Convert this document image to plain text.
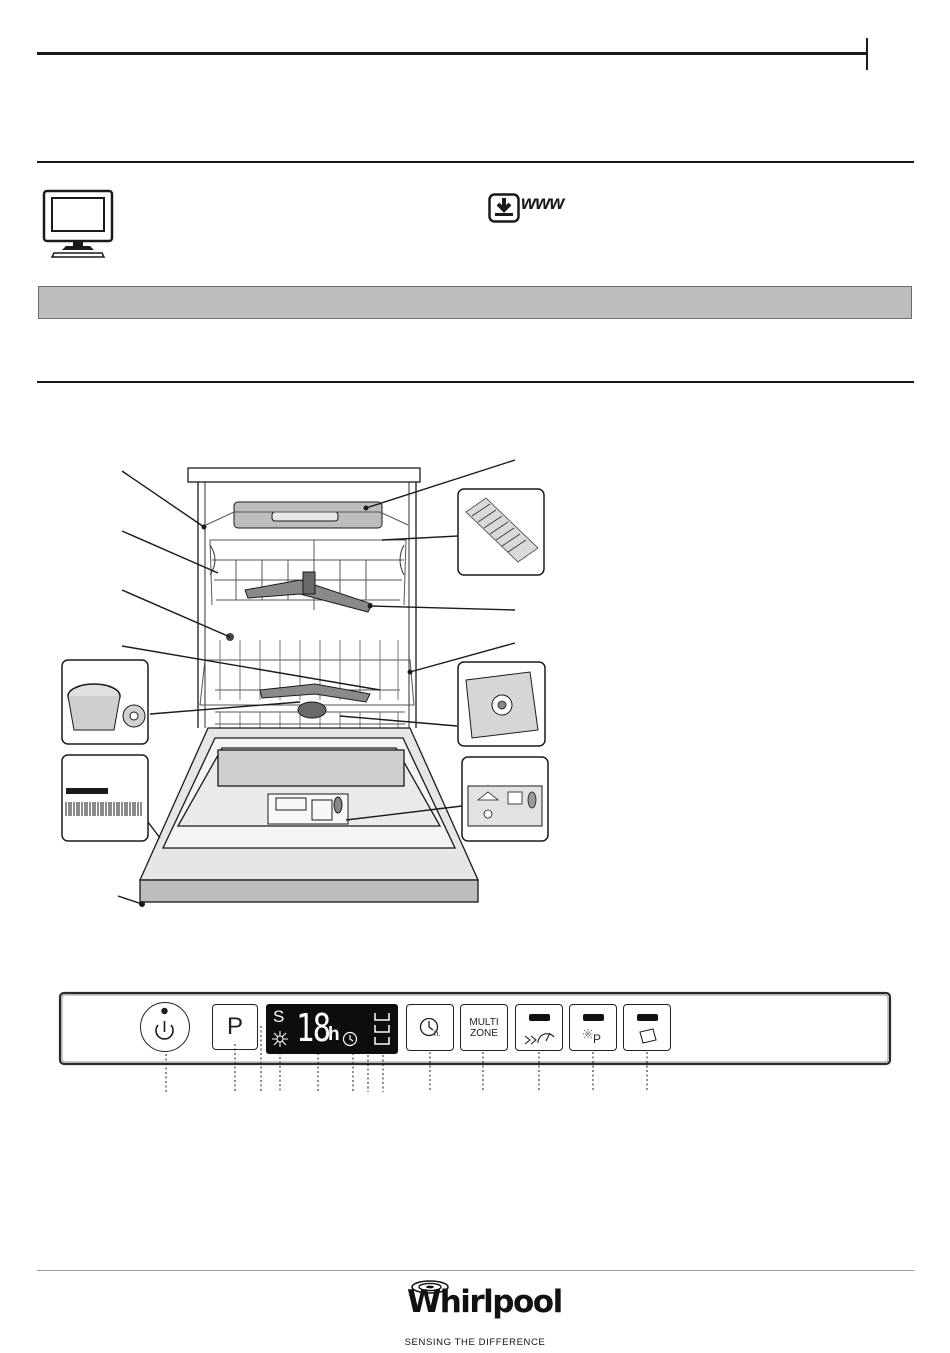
www
P S 18
h	h.
MULTI
ZONE	P
Whirlpool
SENSING THE DIFFERENCE
